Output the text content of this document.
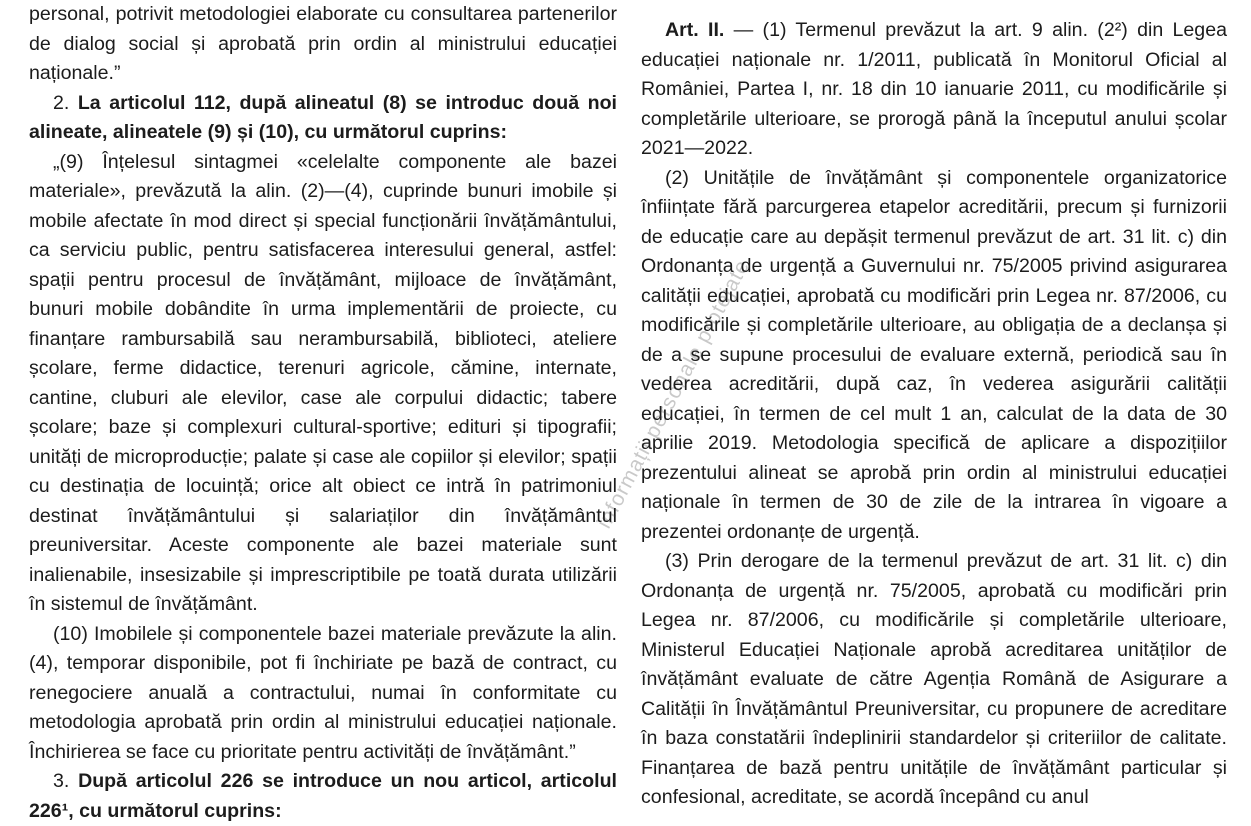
personal, potrivit metodologiei elaborate cu consultarea partenerilor de dialog social și aprobată prin ordin al ministrului educației naționale.”

2. La articolul 112, după alineatul (8) se introduc două noi alineate, alineatele (9) și (10), cu următorul cuprins:

„(9) Înțelesul sintagmei «celelalte componente ale bazei materiale», prevăzută la alin. (2)—(4), cuprinde bunuri imobile și mobile afectate în mod direct și special funcționării învățământului, ca serviciu public, pentru satisfacerea interesului general, astfel: spații pentru procesul de învățământ, mijloace de învățământ, bunuri mobile dobândite în urma implementării de proiecte, cu finanțare rambursabilă sau nerambursabilă, biblioteci, ateliere școlare, ferme didactice, terenuri agricole, cămine, internate, cantine, cluburi ale elevilor, case ale corpului didactic; tabere școlare; baze și complexuri cultural-sportive; edituri și tipografii; unități de microproducție; palate și case ale copiilor și elevilor; spații cu destinația de locuință; orice alt obiect ce intră în patrimoniul destinat învățământului și salariaților din învățământul preuniversitar. Aceste componente ale bazei materiale sunt inalienabile, insesizabile și imprescriptibile pe toată durata utilizării în sistemul de învățământ.

(10) Imobilele și componentele bazei materiale prevăzute la alin. (4), temporar disponibile, pot fi închiriate pe bază de contract, cu renegociere anuală a contractului, numai în conformitate cu metodologia aprobată prin ordin al ministrului educației naționale. Închirierea se face cu prioritate pentru activități de învățământ.”

3. După articolul 226 se introduce un nou articol, articolul 226¹, cu următorul cuprins:

Art. II. — (1) Termenul prevăzut la art. 9 alin. (2²) din Legea educației naționale nr. 1/2011, publicată în Monitorul Oficial al României, Partea I, nr. 18 din 10 ianuarie 2011, cu modificările și completările ulterioare, se prorogă până la începutul anului școlar 2021—2022.

(2) Unitățile de învățământ și componentele organizatorice înființate fără parcurgerea etapelor acreditării, precum și furnizorii de educație care au depășit termenul prevăzut de art. 31 lit. c) din Ordonanța de urgență a Guvernului nr. 75/2005 privind asigurarea calității educației, aprobată cu modificări prin Legea nr. 87/2006, cu modificările și completările ulterioare, au obligația de a declanșa și de a se supune procesului de evaluare externă, periodică sau în vederea acreditării, după caz, în vederea asigurării calității educației, în termen de cel mult 1 an, calculat de la data de 30 aprilie 2019. Metodologia specifică de aplicare a dispozițiilor prezentului alineat se aprobă prin ordin al ministrului educației naționale în termen de 30 de zile de la intrarea în vigoare a prezentei ordonanțe de urgență.

(3) Prin derogare de la termenul prevăzut de art. 31 lit. c) din Ordonanța de urgență nr. 75/2005, aprobată cu modificări prin Legea nr. 87/2006, cu modificările și completările ulterioare, Ministerul Educației Naționale aprobă acreditarea unităților de învățământ evaluate de către Agenția Română de Asigurare a Calității în Învățământul Preuniversitar, cu propunere de acreditare în baza constatării îndeplinirii standardelor și criteriilor de calitate. Finanțarea de bază pentru unitățile de învățământ particular și confesional, acreditate, se acordă începând cu anul

informații personale protejate
